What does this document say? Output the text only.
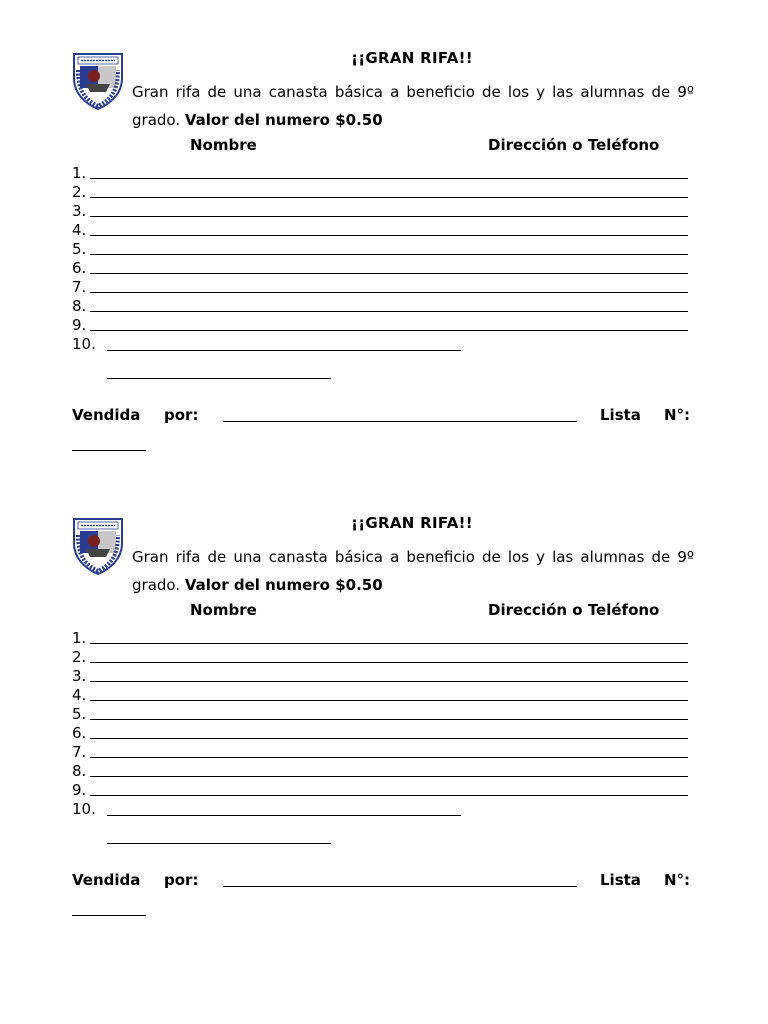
¡¡GRAN RIFA!!
Gran rifa de una canasta básica a beneficio de los y las alumnas de 9º grado. Valor del numero $0.50
Nombre	Dirección o Teléfono
1.
2.
3.
4.
5.
6.
7.
8.
9.
10.
Vendida por:	Lista N°:
¡¡GRAN RIFA!!
Gran rifa de una canasta básica a beneficio de los y las alumnas de 9º grado. Valor del numero $0.50
Nombre	Dirección o Teléfono
1.
2.
3.
4.
5.
6.
7.
8.
9.
10.
Vendida por:	Lista N°:
